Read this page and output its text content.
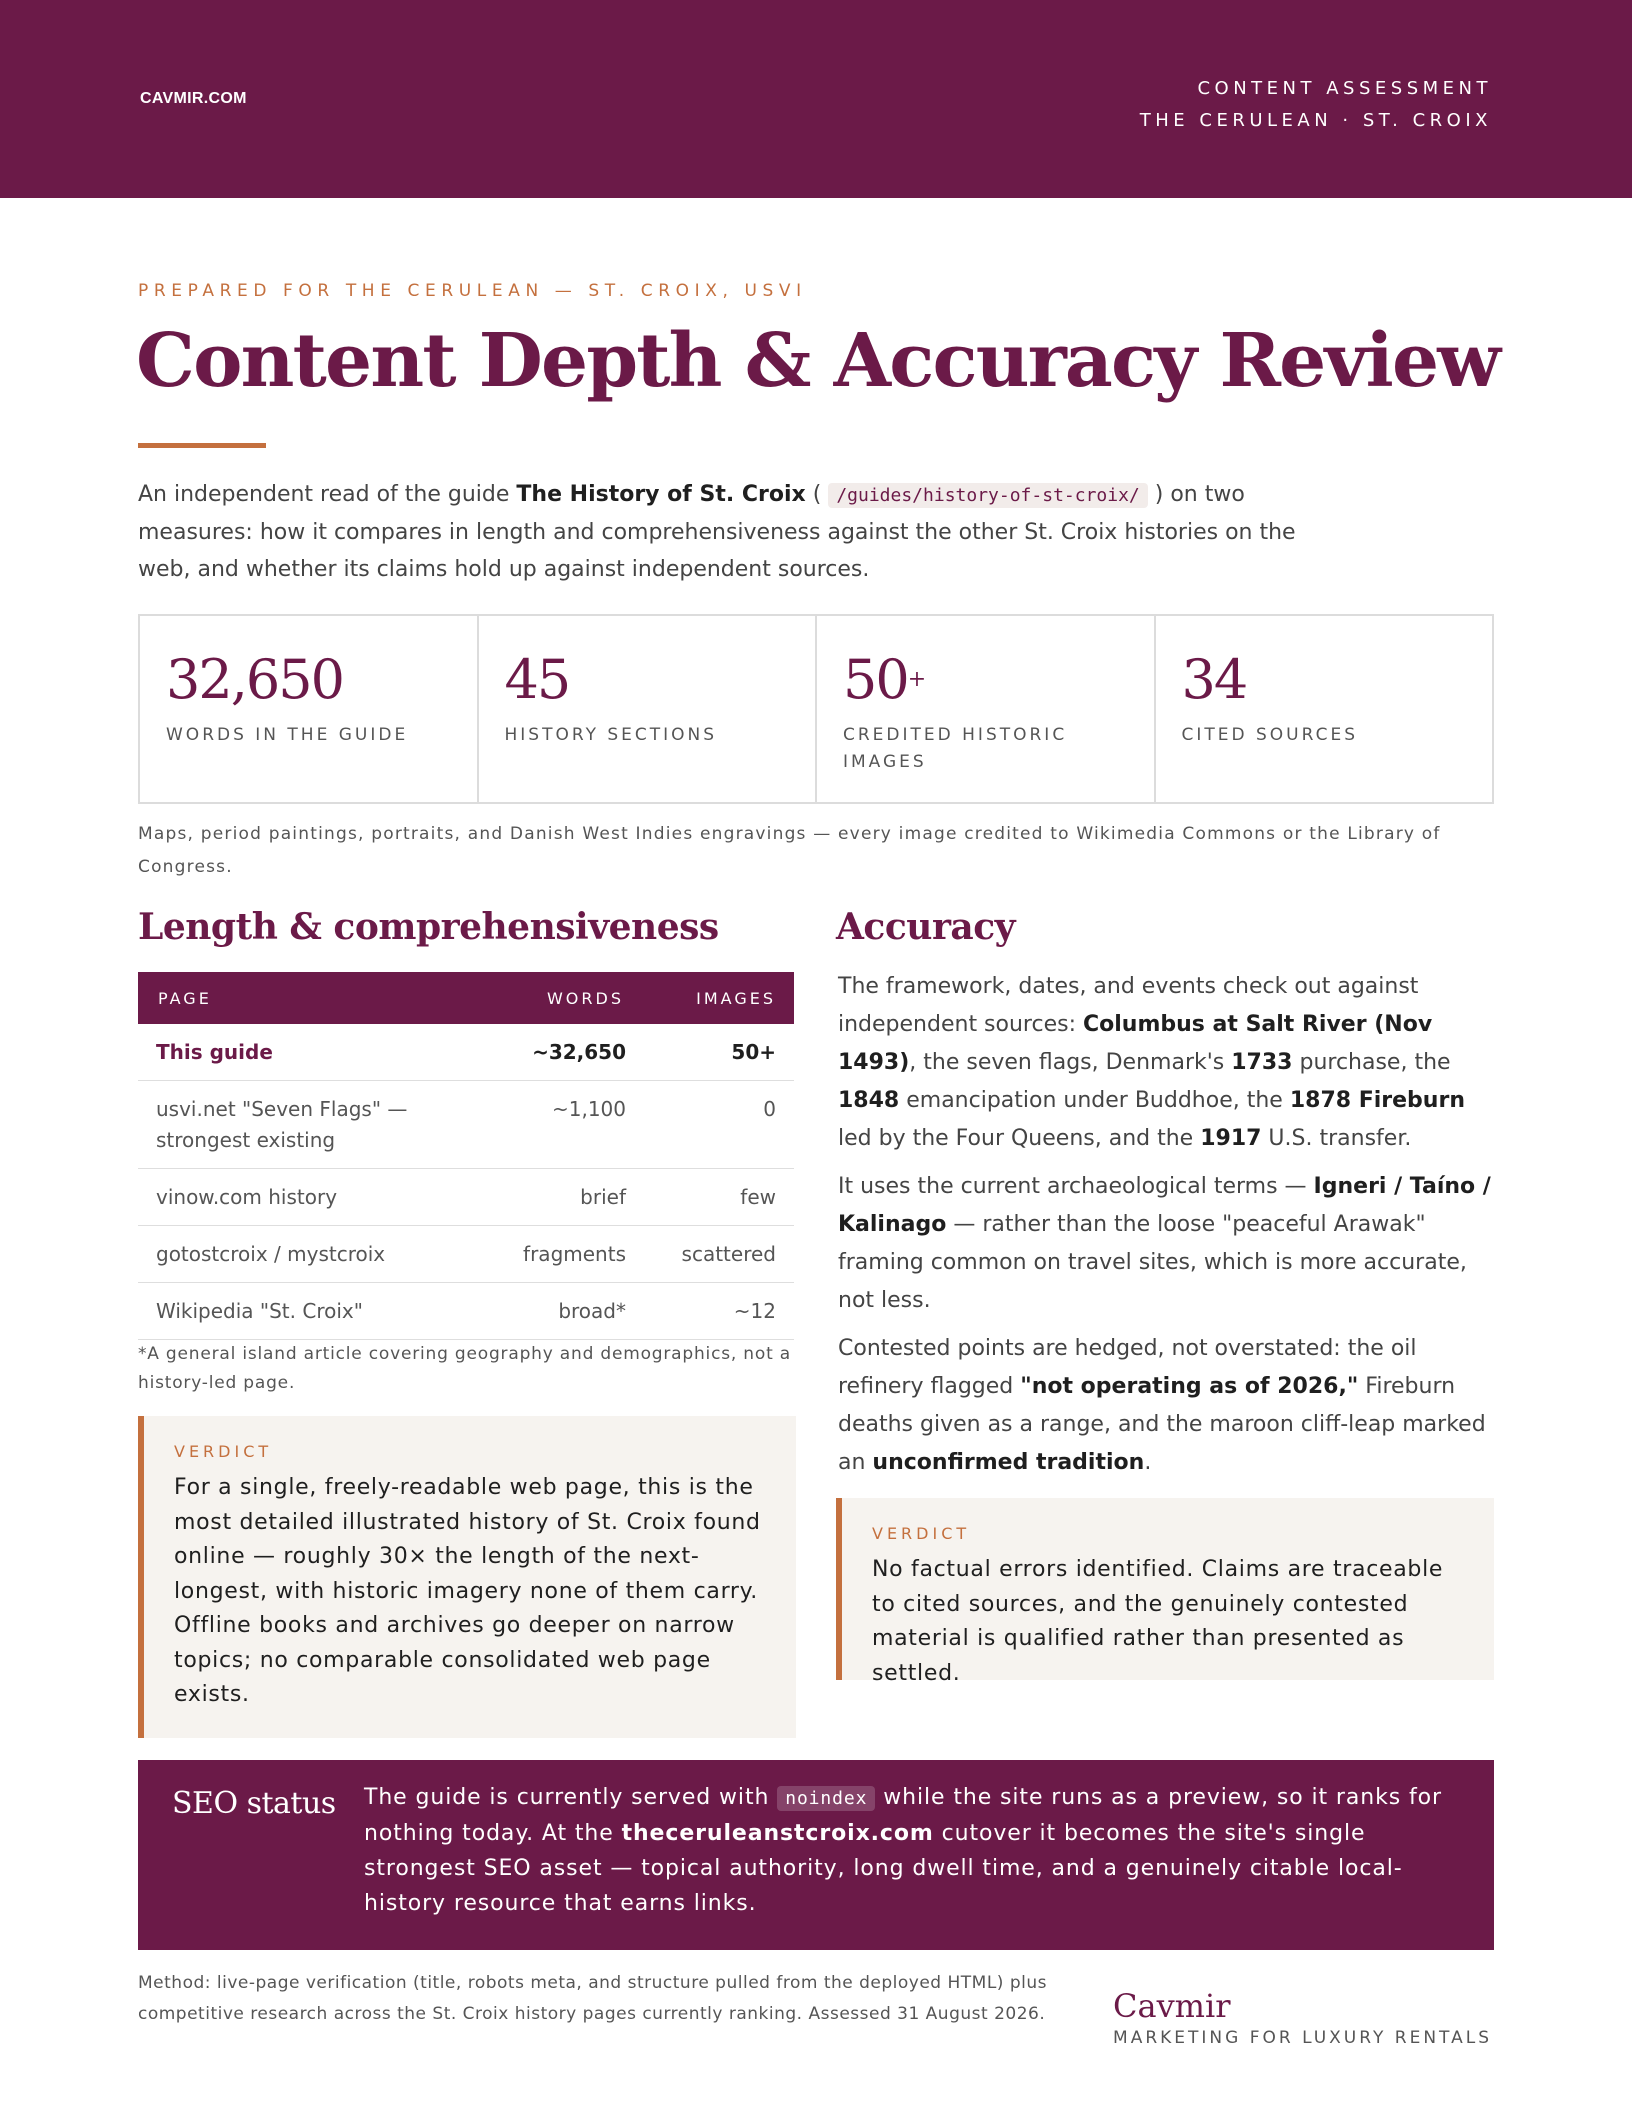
CAVMIR.COM	CONTENT ASSESSMENT
THE CERULEAN · ST. CROIX
PREPARED FOR THE CERULEAN — ST. CROIX, USVI
Content Depth & Accuracy Review

An independent read of the guide The History of St. Croix ( /guides/history-of-st-croix/ ) on two measures: how it compares in length and comprehensiveness against the other St. Croix histories on the web, and whether its claims hold up against independent sources.

32,650
WORDS IN THE GUIDE
45
HISTORY SECTIONS
50+
CREDITED HISTORIC IMAGES
34
CITED SOURCES

Maps, period paintings, portraits, and Danish West Indies engravings — every image credited to Wikimedia Commons or the Library of Congress.

Length & comprehensiveness
PAGE	WORDS	IMAGES
This guide	~32,650	50+
usvi.net "Seven Flags" — strongest existing	~1,100	0
vinow.com history	brief	few
gotostcroix / mystcroix	fragments	scattered
Wikipedia "St. Croix"	broad*	~12

*A general island article covering geography and demographics, not a history-led page.

VERDICT
For a single, freely-readable web page, this is the most detailed illustrated history of St. Croix found online — roughly 30× the length of the next-longest, with historic imagery none of them carry. Offline books and archives go deeper on narrow topics; no comparable consolidated web page exists.
Accuracy

The framework, dates, and events check out against independent sources: Columbus at Salt River (Nov 1493), the seven flags, Denmark's 1733 purchase, the 1848 emancipation under Buddhoe, the 1878 Fireburn led by the Four Queens, and the 1917 U.S. transfer.

It uses the current archaeological terms — Igneri / Taíno / Kalinago — rather than the loose "peaceful Arawak" framing common on travel sites, which is more accurate, not less.

Contested points are hedged, not overstated: the oil refinery flagged "not operating as of 2026," Fireburn deaths given as a range, and the maroon cliff-leap marked an unconfirmed tradition.

VERDICT
No factual errors identified. Claims are traceable to cited sources, and the genuinely contested material is qualified rather than presented as settled.
SEO status The guide is currently served with noindex while the site runs as a preview, so it ranks for nothing today. At the theceruleanstcroix.com cutover it becomes the site's single strongest SEO asset — topical authority, long dwell time, and a genuinely citable local-history resource that earns links.

Method: live-page verification (title, robots meta, and structure pulled from the deployed HTML) plus competitive research across the St. Croix history pages currently ranking. Assessed 31 August 2026.	Cavmir
MARKETING FOR LUXURY RENTALS
